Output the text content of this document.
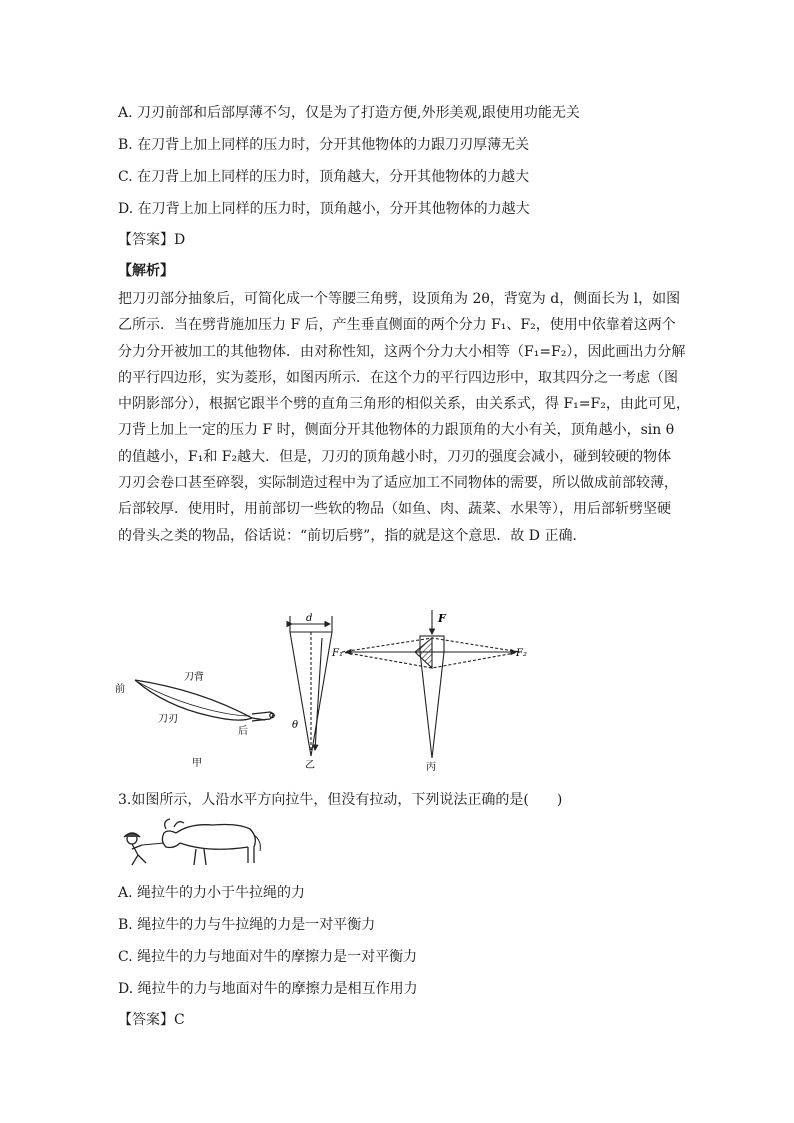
A. 刀刃前部和后部厚薄不匀，仅是为了打造方便,外形美观,跟使用功能无关
B. 在刀背上加上同样的压力时，分开其他物体的力跟刀刃厚薄无关
C. 在刀背上加上同样的压力时，顶角越大，分开其他物体的力越大
D. 在刀背上加上同样的压力时，顶角越小，分开其他物体的力越大
【答案】D
【解析】
把刀刃部分抽象后，可简化成一个等腰三角劈，设顶角为 2θ，背宽为 d，侧面长为 l，如图
乙所示．当在劈背施加压力 F 后，产生垂直侧面的两个分力 F₁、F₂，使用中依靠着这两个
分力分开被加工的其他物体．由对称性知，这两个分力大小相等（F₁=F₂），因此画出力分解
的平行四边形，实为菱形，如图丙所示．在这个力的平行四边形中，取其四分之一考虑（图
中阴影部分），根据它跟半个劈的直角三角形的相似关系，由关系式，得 F₁=F₂，由此可见，
刀背上加上一定的压力 F 时，侧面分开其他物体的力跟顶角的大小有关，顶角越小，sin θ
的值越小，F₁和 F₂越大．但是，刀刃的顶角越小时，刀刃的强度会减小，碰到较硬的物体
刀刃会卷口甚至碎裂，实际制造过程中为了适应加工不同物体的需要，所以做成前部较薄，
后部较厚．使用时，用前部切一些软的物品（如鱼、肉、蔬菜、水果等），用后部斩劈坚硬
的骨头之类的物品，俗话说：“前切后劈”，指的就是这个意思．故 D 正确．
前
刀背
刀刃
后
甲
d
θ
乙
F
F₁	F₂
丙
3.如图所示，人沿水平方向拉牛，但没有拉动，下列说法正确的是(　　)
A. 绳拉牛的力小于牛拉绳的力
B. 绳拉牛的力与牛拉绳的力是一对平衡力
C. 绳拉牛的力与地面对牛的摩擦力是一对平衡力
D. 绳拉牛的力与地面对牛的摩擦力是相互作用力
【答案】C
